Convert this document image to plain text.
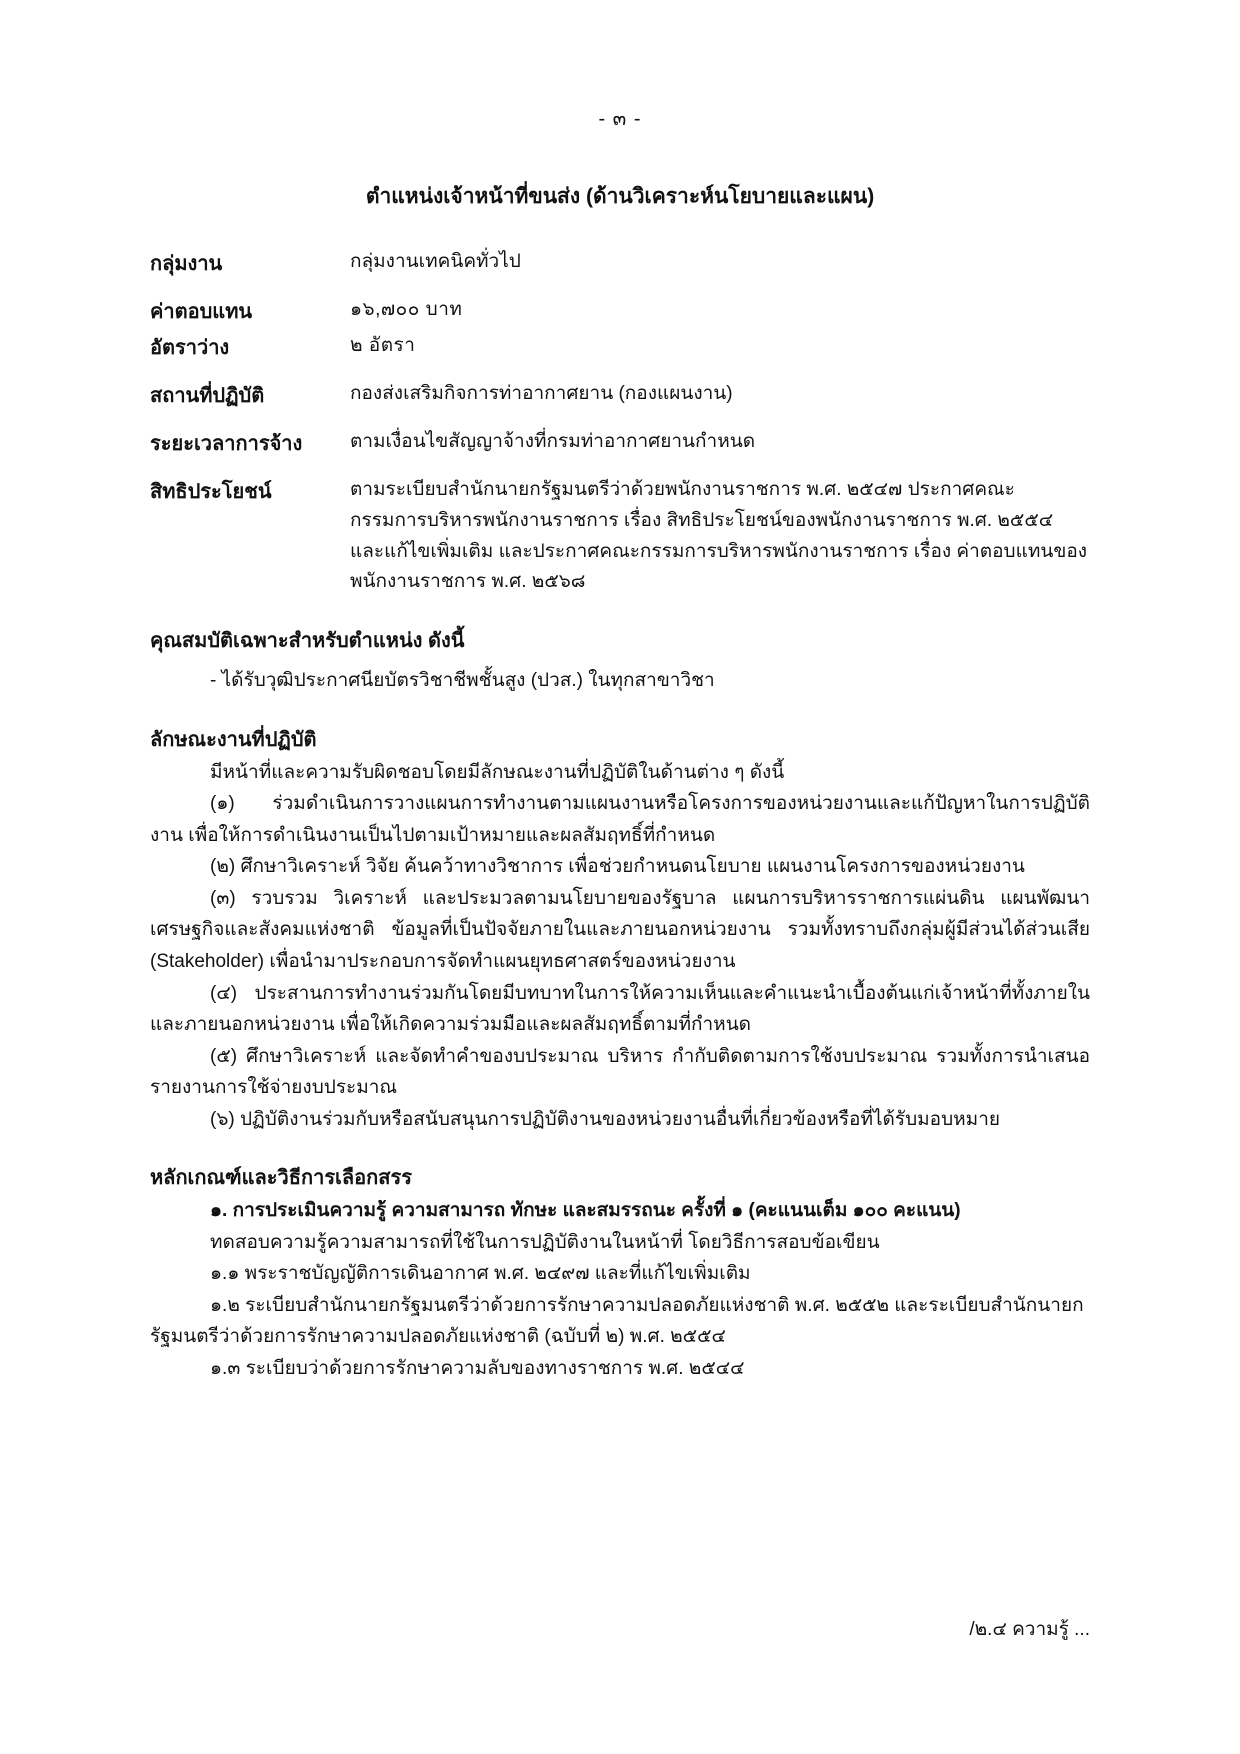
- ๓ -
ตำแหน่งเจ้าหน้าที่ขนส่ง (ด้านวิเคราะห์นโยบายและแผน)
กลุ่มงาน	กลุ่มงานเทคนิคทั่วไป
ค่าตอบแทน	๑๖,๗๐๐ บาท
อัตราว่าง	๒ อัตรา
สถานที่ปฏิบัติ	กองส่งเสริมกิจการท่าอากาศยาน (กองแผนงาน)
ระยะเวลาการจ้าง	ตามเงื่อนไขสัญญาจ้างที่กรมท่าอากาศยานกำหนด
สิทธิประโยชน์	ตามระเบียบสำนักนายกรัฐมนตรีว่าด้วยพนักงานราชการ พ.ศ. ๒๕๔๗ ประกาศคณะกรรมการบริหารพนักงานราชการ เรื่อง สิทธิประโยชน์ของพนักงานราชการ พ.ศ. ๒๕๕๔ และแก้ไขเพิ่มเติม และประกาศคณะกรรมการบริหารพนักงานราชการ เรื่อง ค่าตอบแทนของพนักงานราชการ พ.ศ. ๒๕๖๘
คุณสมบัติเฉพาะสำหรับตำแหน่ง ดังนี้
- ได้รับวุฒิประกาศนียบัตรวิชาชีพชั้นสูง (ปวส.) ในทุกสาขาวิชา
ลักษณะงานที่ปฏิบัติ

มีหน้าที่และความรับผิดชอบโดยมีลักษณะงานที่ปฏิบัติในด้านต่าง ๆ ดังนี้

(๑) ร่วมดำเนินการวางแผนการทำงานตามแผนงานหรือโครงการของหน่วยงานและแก้ปัญหาในการปฏิบัติงาน เพื่อให้การดำเนินงานเป็นไปตามเป้าหมายและผลสัมฤทธิ์ที่กำหนด

(๒) ศึกษาวิเคราะห์ วิจัย ค้นคว้าทางวิชาการ เพื่อช่วยกำหนดนโยบาย แผนงานโครงการของหน่วยงาน

(๓) รวบรวม วิเคราะห์ และประมวลตามนโยบายของรัฐบาล แผนการบริหารราชการแผ่นดิน แผนพัฒนาเศรษฐกิจและสังคมแห่งชาติ ข้อมูลที่เป็นปัจจัยภายในและภายนอกหน่วยงาน รวมทั้งทราบถึงกลุ่มผู้มีส่วนได้ส่วนเสีย (Stakeholder) เพื่อนำมาประกอบการจัดทำแผนยุทธศาสตร์ของหน่วยงาน

(๔) ประสานการทำงานร่วมกันโดยมีบทบาทในการให้ความเห็นและคำแนะนำเบื้องต้นแก่เจ้าหน้าที่ทั้งภายในและภายนอกหน่วยงาน เพื่อให้เกิดความร่วมมือและผลสัมฤทธิ์ตามที่กำหนด

(๕) ศึกษาวิเคราะห์ และจัดทำคำของบประมาณ บริหาร กำกับติดตามการใช้งบประมาณ รวมทั้งการนำเสนอรายงานการใช้จ่ายงบประมาณ

(๖) ปฏิบัติงานร่วมกับหรือสนับสนุนการปฏิบัติงานของหน่วยงานอื่นที่เกี่ยวข้องหรือที่ได้รับมอบหมาย

หลักเกณฑ์และวิธีการเลือกสรร

๑. การประเมินความรู้ ความสามารถ ทักษะ และสมรรถนะ ครั้งที่ ๑ (คะแนนเต็ม ๑๐๐ คะแนน)

ทดสอบความรู้ความสามารถที่ใช้ในการปฏิบัติงานในหน้าที่ โดยวิธีการสอบข้อเขียน

๑.๑ พระราชบัญญัติการเดินอากาศ พ.ศ. ๒๔๙๗ และที่แก้ไขเพิ่มเติม

๑.๒ ระเบียบสำนักนายกรัฐมนตรีว่าด้วยการรักษาความปลอดภัยแห่งชาติ พ.ศ. ๒๕๕๒ และระเบียบสำนักนายกรัฐมนตรีว่าด้วยการรักษาความปลอดภัยแห่งชาติ (ฉบับที่ ๒) พ.ศ. ๒๕๕๔

๑.๓ ระเบียบว่าด้วยการรักษาความลับของทางราชการ พ.ศ. ๒๕๔๔

/๒.๔ ความรู้ ...
